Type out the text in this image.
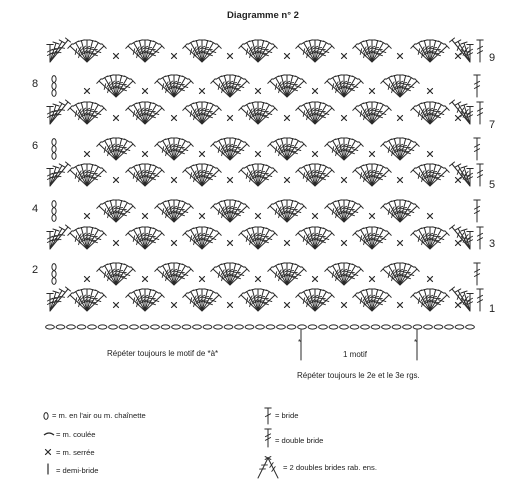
Diagramme n° 2
8
6
4
2
9
7
5
3
1
Répéter toujours le motif de *à*
*	*
1 motif
Répéter toujours le 2e et le 3e rgs.
= m. en l'air ou m. chaînette
= m. coulée
= m. serrée
= demi-bride
= bride
= double bride
= 2 doubles brides rab. ens.
